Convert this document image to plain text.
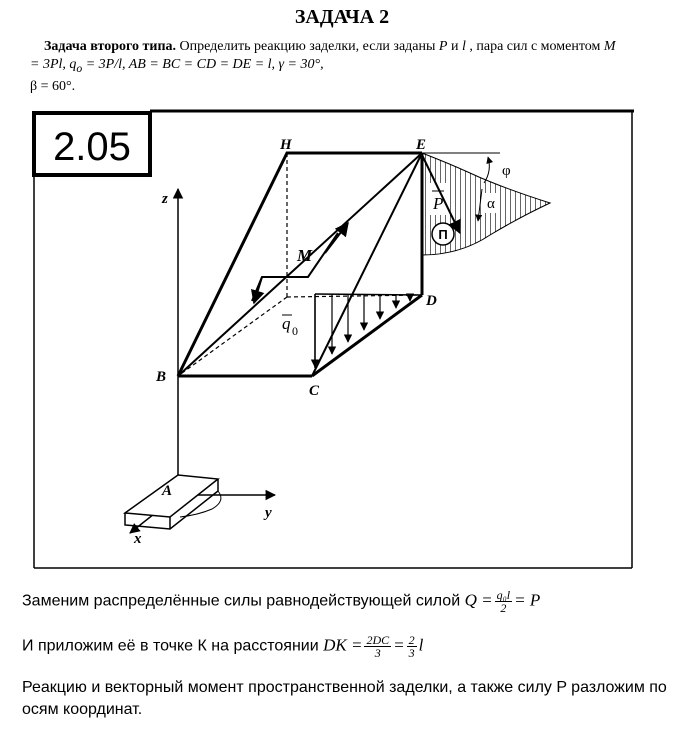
ЗАДАЧА 2
Задача второго типа. Определить реакцию заделки, если заданы P и l , пара сил с моментом M
= 3Pl, $q_o = 3P/l$, AB = BC = CD = DE = l, γ = 30°,
β = 60°.
2.05	H	E
D
C
B
A
z
y
x
M
q 0
P
П
φ
α
Заменим распределённые силы равнодействующей силой $Q = \frac{\text{q₀l}}{2} = P$
И приложим её в точке К на расстоянии DK = $\frac{2DC}{3} = \frac{2}{3}$ l
Реакцию и векторный момент пространственной заделки, а также силу P разложим по осям координат.
